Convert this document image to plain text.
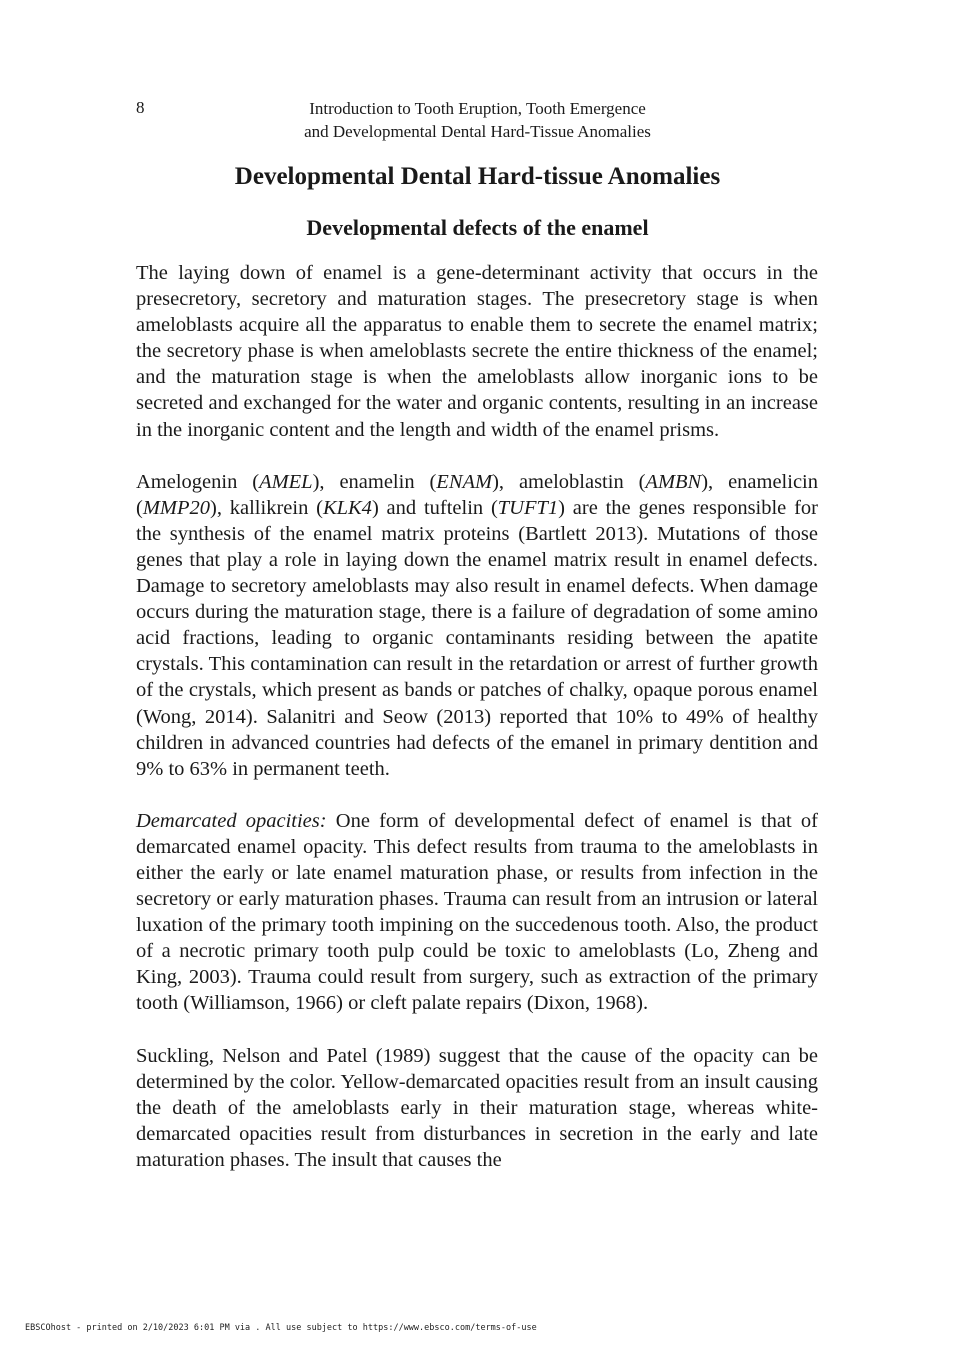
8	Introduction to Tooth Eruption, Tooth Emergence
and Developmental Dental Hard-Tissue Anomalies
Developmental Dental Hard-tissue Anomalies
Developmental defects of the enamel

The laying down of enamel is a gene-determinant activity that occurs in the presecretory, secretory and maturation stages. The presecretory stage is when ameloblasts acquire all the apparatus to enable them to secrete the enamel matrix; the secretory phase is when ameloblasts secrete the entire thickness of the enamel; and the maturation stage is when the ameloblasts allow inorganic ions to be secreted and exchanged for the water and organic contents, resulting in an increase in the inorganic content and the length and width of the enamel prisms.

Amelogenin (AMEL), enamelin (ENAM), ameloblastin (AMBN), enamelicin (MMP20), kallikrein (KLK4) and tuftelin (TUFT1) are the genes responsible for the synthesis of the enamel matrix proteins (Bartlett 2013). Mutations of those genes that play a role in laying down the enamel matrix result in enamel defects. Damage to secretory ameloblasts may also result in enamel defects. When damage occurs during the maturation stage, there is a failure of degradation of some amino acid fractions, leading to organic contaminants residing between the apatite crystals. This contamination can result in the retardation or arrest of further growth of the crystals, which present as bands or patches of chalky, opaque porous enamel (Wong, 2014). Salanitri and Seow (2013) reported that 10% to 49% of healthy children in advanced countries had defects of the emanel in primary dentition and 9% to 63% in permanent teeth.

Demarcated opacities: One form of developmental defect of enamel is that of demarcated enamel opacity. This defect results from trauma to the ameloblasts in either the early or late enamel maturation phase, or results from infection in the secretory or early maturation phases. Trauma can result from an intrusion or lateral luxation of the primary tooth impining on the succedenous tooth. Also, the product of a necrotic primary tooth pulp could be toxic to ameloblasts (Lo, Zheng and King, 2003). Trauma could result from surgery, such as extraction of the primary tooth (Williamson, 1966) or cleft palate repairs (Dixon, 1968).

Suckling, Nelson and Patel (1989) suggest that the cause of the opacity can be determined by the color. Yellow-demarcated opacities result from an insult causing the death of the ameloblasts early in their maturation stage, whereas white-demarcated opacities result from disturbances in secretion in the early and late maturation phases. The insult that causes the

EBSCOhost - printed on 2/10/2023 6:01 PM via . All use subject to https://www.ebsco.com/terms-of-use
